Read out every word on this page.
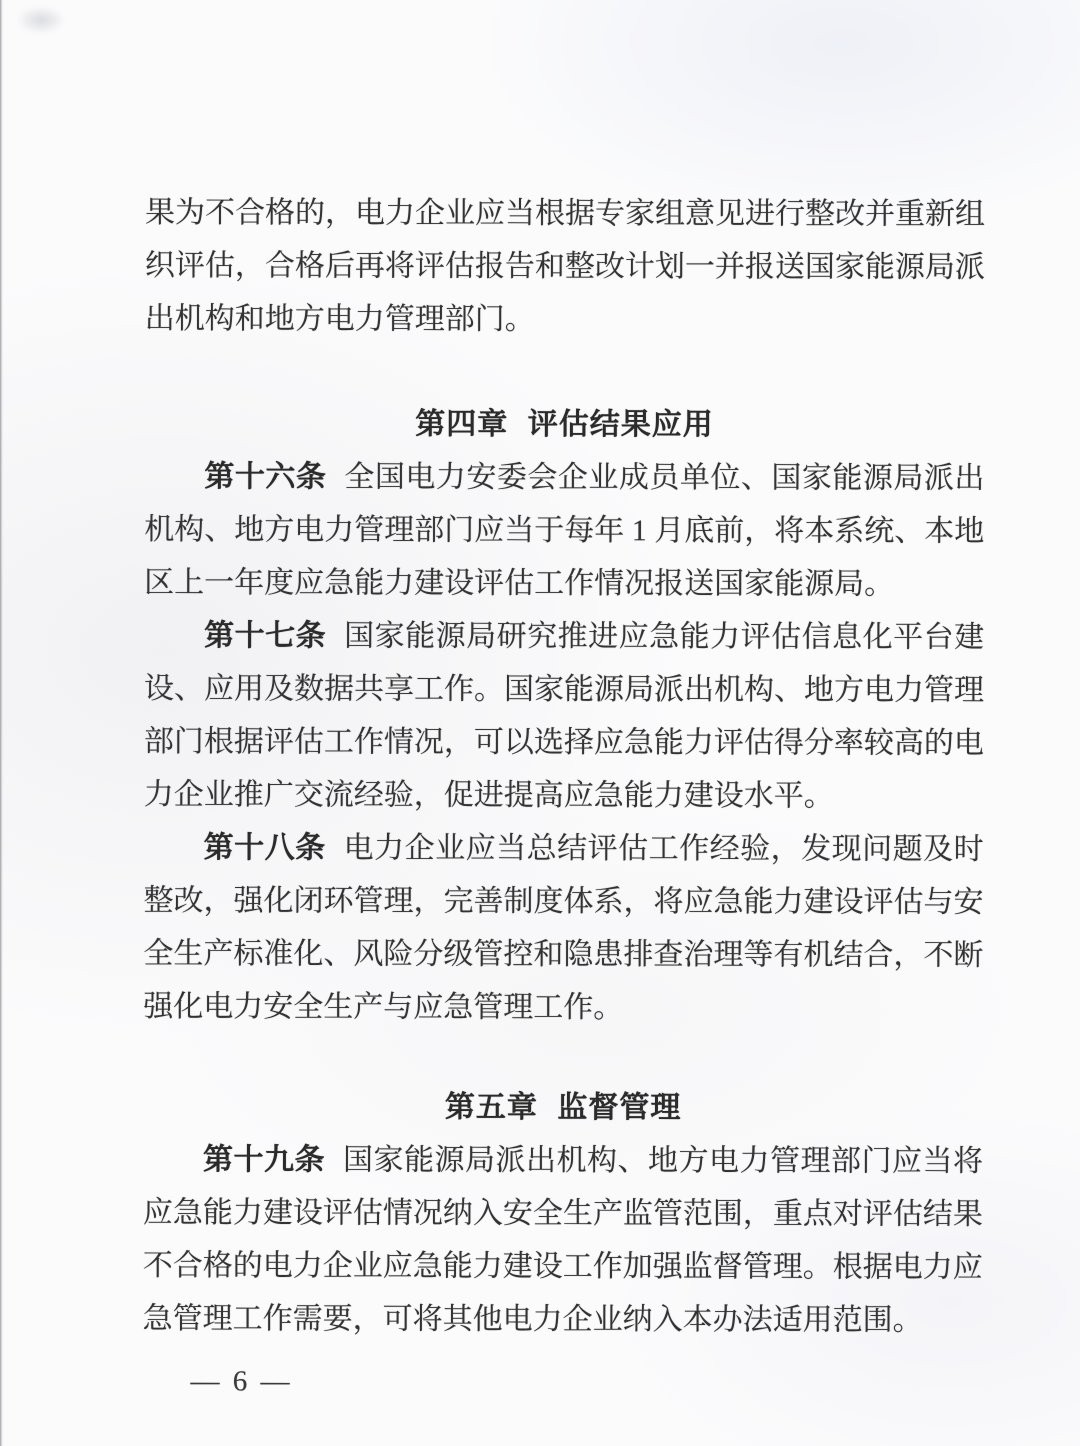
果为不合格的，电力企业应当根据专家组意见进行整改并重新组织评估，合格后再将评估报告和整改计划一并报送国家能源局派出机构和地方电力管理部门。

第四章 评估结果应用

第十六条 全国电力安委会企业成员单位、国家能源局派出机构、地方电力管理部门应当于每年 1 月底前，将本系统、本地区上一年度应急能力建设评估工作情况报送国家能源局。

第十七条 国家能源局研究推进应急能力评估信息化平台建设、应用及数据共享工作。国家能源局派出机构、地方电力管理部门根据评估工作情况，可以选择应急能力评估得分率较高的电力企业推广交流经验，促进提高应急能力建设水平。

第十八条 电力企业应当总结评估工作经验，发现问题及时整改，强化闭环管理，完善制度体系，将应急能力建设评估与安全生产标准化、风险分级管控和隐患排查治理等有机结合，不断强化电力安全生产与应急管理工作。

第五章 监督管理

第十九条 国家能源局派出机构、地方电力管理部门应当将应急能力建设评估情况纳入安全生产监管范围，重点对评估结果不合格的电力企业应急能力建设工作加强监督管理。根据电力应急管理工作需要，可将其他电力企业纳入本办法适用范围。

— 6 —
